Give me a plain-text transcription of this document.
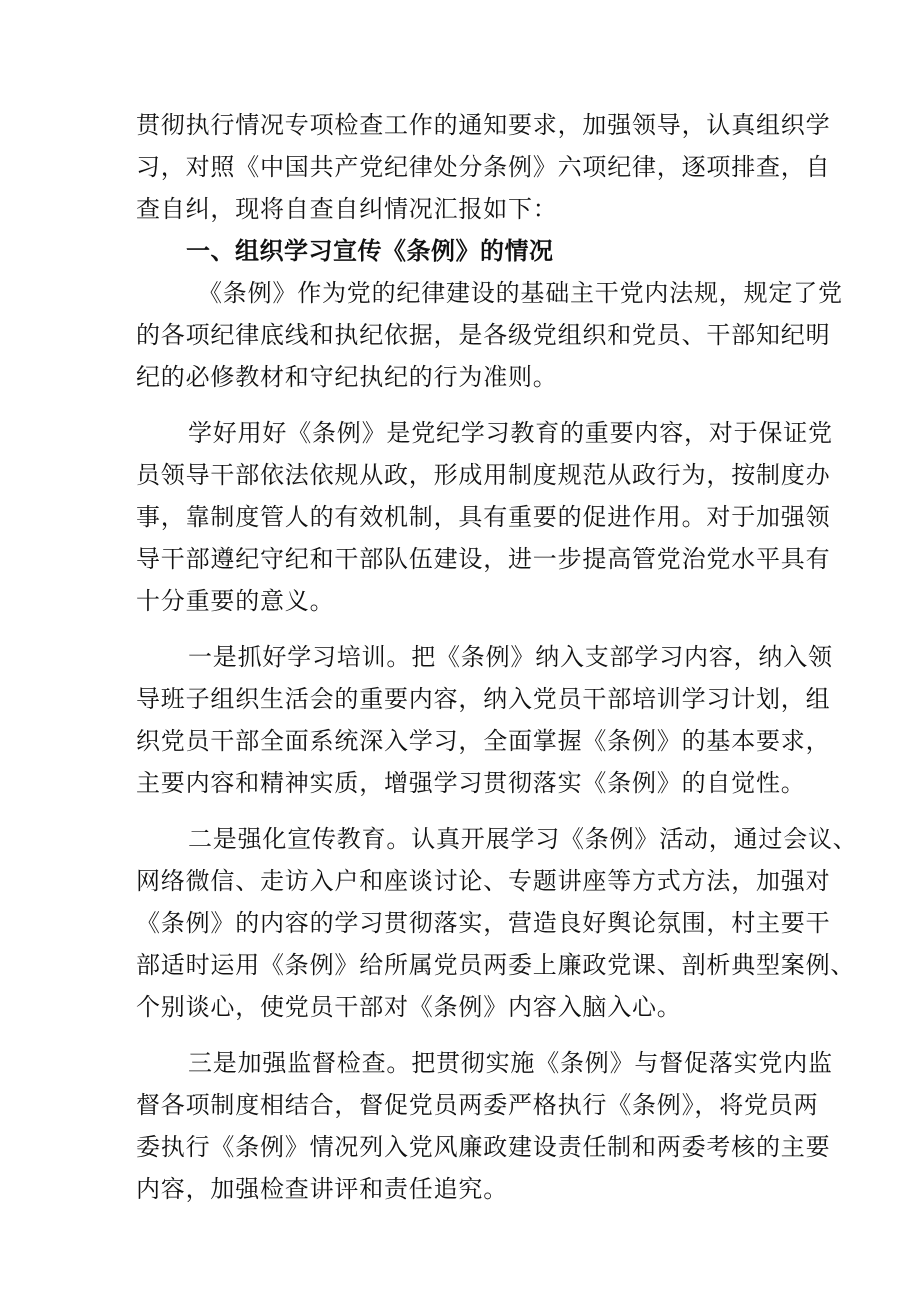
贯彻执行情况专项检查工作的通知要求，加强领导，认真组织学
习，对照《中国共产党纪律处分条例》六项纪律，逐项排查，自
查自纠，现将自查自纠情况汇报如下：
一、组织学习宣传《条例》的情况
《条例》作为党的纪律建设的基础主干党内法规，规定了党
的各项纪律底线和执纪依据，是各级党组织和党员、干部知纪明
纪的必修教材和守纪执纪的行为准则。
学好用好《条例》是党纪学习教育的重要内容，对于保证党
员领导干部依法依规从政，形成用制度规范从政行为，按制度办
事，靠制度管人的有效机制，具有重要的促进作用。对于加强领
导干部遵纪守纪和干部队伍建设，进一步提高管党治党水平具有
十分重要的意义。
一是抓好学习培训。把《条例》纳入支部学习内容，纳入领
导班子组织生活会的重要内容，纳入党员干部培训学习计划，组
织党员干部全面系统深入学习，全面掌握《条例》的基本要求，
主要内容和精神实质，增强学习贯彻落实《条例》的自觉性。
二是强化宣传教育。认真开展学习《条例》活动，通过会议、
网络微信、走访入户和座谈讨论、专题讲座等方式方法，加强对
《条例》的内容的学习贯彻落实，营造良好舆论氛围，村主要干
部适时运用《条例》给所属党员两委上廉政党课、剖析典型案例、
个别谈心，使党员干部对《条例》内容入脑入心。
三是加强监督检查。把贯彻实施《条例》与督促落实党内监
督各项制度相结合，督促党员两委严格执行《条例》，将党员两
委执行《条例》情况列入党风廉政建设责任制和两委考核的主要
内容，加强检查讲评和责任追究。
